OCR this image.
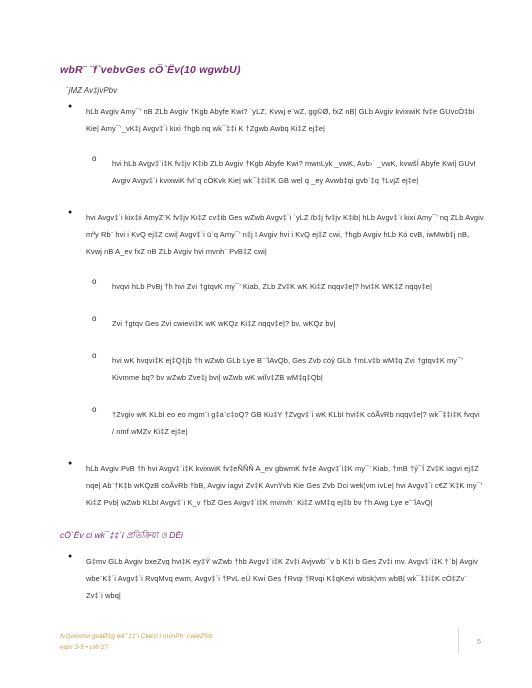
wbR¨ ¨f`vebvGes cÖ`Ëv(10 wgwbU)
`jMZ Av‡jvPbv
● hLb Avgiv Amy¯’ nB ZLb Avgiv †Kgb Abyfe Kwi? `yLZ, Kvwj e¨wZ, gg©Ø, fxZ nB| GLb Avgiv kvixwiK fv‡e GUvcÖ‡bi Kie| Amy¯’_vK‡j Avgv‡`i kixi †hgb nq wk¯‡‡i K †Zgwb Awbq Ki‡Z ej‡e|
o hvi hLb Avgv‡`i‡K fv‡jv K‡ib ZLb Avgiv †Kgb Abyfe Kwi? mwnLyk _vwK, Avb›` _vwK, kvwšÍ Abyfe Kwi| GUvI Avgiv Avgv‡`i kvixwiK fvl¨q cÖKvk Kie| wk¯‡‡i‡K GB wel q _ey Avwb‡qi gvb`‡q †LvjZ ej‡e|
● hvi Avgv‡`i kix‡ii AmyZ¨K fv‡jv Ki‡Z cv‡ib Ges wZwb Avgv‡`i `yLZ ïb‡j fv‡jv K‡ib| hLb Avgv‡`i kixi Amy¯’ nq ZLb Avgiv mªy Rb¨ hvi i KvQ ej‡Z cwi| Avgv‡`i ü`q Amy¯’ n‡j I Avgiv hvi i KvQ ej‡Z cwi, †hgb Avgiv hLb Kó cvB, iwMwb‡j nB, Kvwj nB A_ev fxZ nB ZLb Avgiv hvi mvnh¨ PvB‡Z cwi|
o hvqvi hLb PvBj †h hvi Zvi †gtqvK my¯’ Kiab, ZLb Zv‡K wK Ki‡Z nqqv‡e|? hvi‡K WK‡Z nqqv‡e|
o Zvi †gtqv Ges Zvi cwievi‡K wK wKQz Ki‡Z nqqv‡e|? bv, wKQz bv|
o hvi wK hvqvi‡K ej‡Q‡jb †h wZwb GLb Lye B¨¨ÏAvQb, Ges Zvb cöý GLb †mLv‡b wM‡q Zvi †gtqv‡K my¯’ Kivmme bq? bv wZwb Zve‡j bvi| wZwb wK wiÏv‡ZB wM‡q‡Qb|
o †Zvgiv wK KLbI eo eo mgm¨i g‡a¨c‡oQ? GB Ku‡Y †Zvgv‡`i wK KLbI hvi‡K cöÃvRb nqqv‡e|? wk¯‡‡i‡K fvqvi / nmf wMZv Ki‡Z ej‡e|
● hLb Avgiv PvB †h hvi Avgv‡`i‡K kvixwiK fv‡eÑÑÑ A_ev gbwmK fv‡e Avgv‡`i‡K my¯’ Kiab, †mB †ý¯Í Zv‡K iagvi ej‡Z nqe| Ab¨†K‡b wKQzB cöÂvRb †bB, Avgiv iagvi Zv‡K AvnŸvb Kie Ges Zvb Dci wek¦vm ivLe| hvi Avgv‡`i c€Z¨K‡K my¯’ Ki‡Z Pvb| wZwb KLbI Avgv‡`i K_v †bZ Ges Avgv‡`i‡K mvnvh¨ Ki‡Z wM‡q ej‡b bv †h Awg Lye e¨¨ÏAvQ|
cÖ`Ëv ci wk¯‡‡`i প্রতিক্রিয়া ও DËi
● G‡mv GLb Avgiv bxeZvq hvi‡K ey‡Ý wZwb †hb Avgv‡`i‡K Zv‡i Avjvwb¨`v b K‡i b Ges Zv‡i mv. Avgv‡`i‡K †`b| Avgiv wbe¨K‡`i Avgv‡`i RvqMvq ewm, Avgv‡`i †PvL eÜ Kwi Ges †Rvqi †Rvqi K‡qKevi wbsk¦vm wbB| wk¯‡‡i‡K cÖ‡Zv¨ Zv‡`i wbq|
fv‡jvevmvi gvaØ‡g wk¯‡‡`i Ckø‡i i mvnPh¨ cwieZ®b
eqm 3-5 • cW 27
5
